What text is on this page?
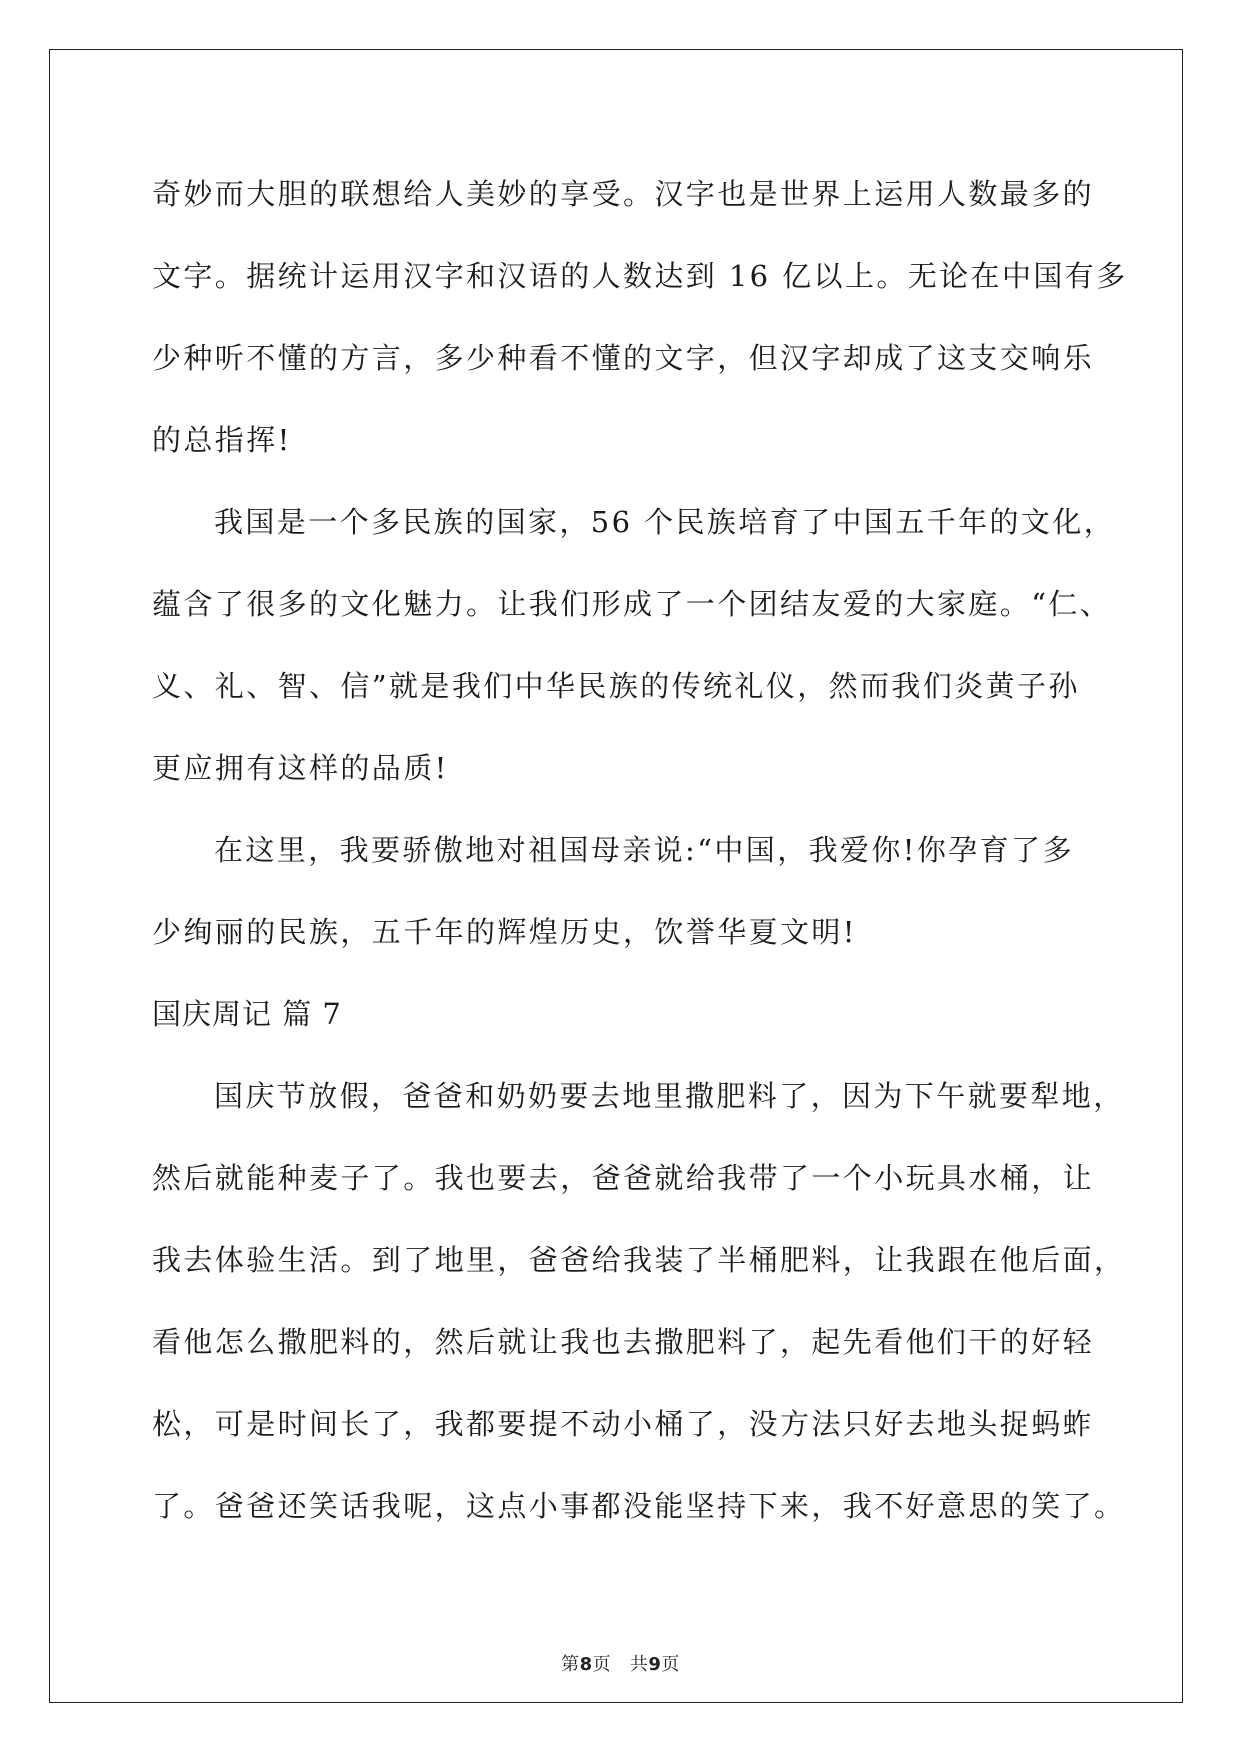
奇妙而大胆的联想给人美妙的享受。汉字也是世界上运用人数最多的
文字。据统计运用汉字和汉语的人数达到 16 亿以上。无论在中国有多
少种听不懂的方言，多少种看不懂的文字，但汉字却成了这支交响乐
的总指挥!
我国是一个多民族的国家，56 个民族培育了中国五千年的文化，
蕴含了很多的文化魅力。让我们形成了一个团结友爱的大家庭。“仁、
义、礼、智、信”就是我们中华民族的传统礼仪，然而我们炎黄子孙
更应拥有这样的品质!
在这里，我要骄傲地对祖国母亲说:“中国，我爱你!你孕育了多
少绚丽的民族，五千年的辉煌历史，饮誉华夏文明!
国庆周记 篇 7
国庆节放假，爸爸和奶奶要去地里撒肥料了，因为下午就要犁地，
然后就能种麦子了。我也要去，爸爸就给我带了一个小玩具水桶，让
我去体验生活。到了地里，爸爸给我装了半桶肥料，让我跟在他后面，
看他怎么撒肥料的，然后就让我也去撒肥料了，起先看他们干的好轻
松，可是时间长了，我都要提不动小桶了，没方法只好去地头捉蚂蚱
了。爸爸还笑话我呢，这点小事都没能坚持下来，我不好意思的笑了。
第8页 共9页
